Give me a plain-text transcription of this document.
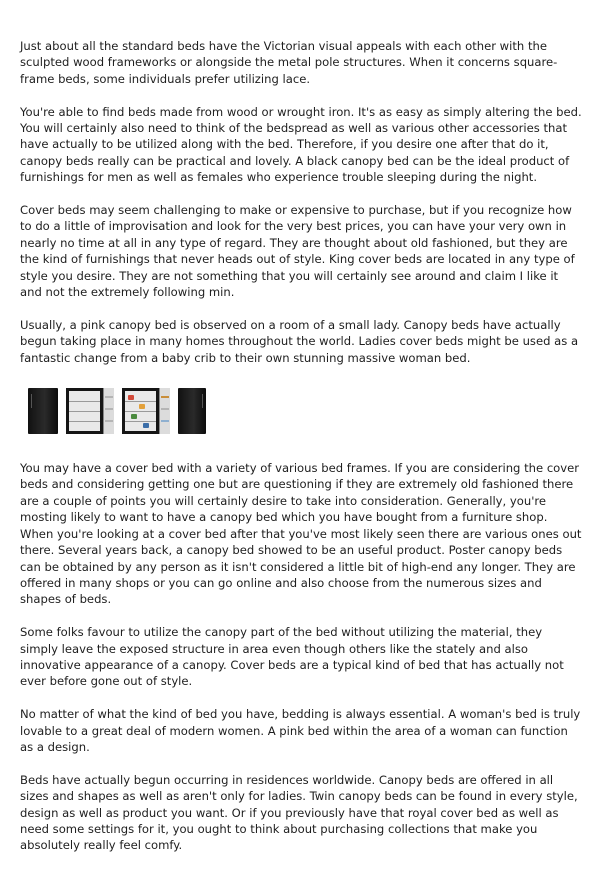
Just about all the standard beds have the Victorian visual appeals with each other with the sculpted wood frameworks or alongside the metal pole structures. When it concerns square-frame beds, some individuals prefer utilizing lace.

You're able to find beds made from wood or wrought iron. It's as easy as simply altering the bed. You will certainly also need to think of the bedspread as well as various other accessories that have actually to be utilized along with the bed. Therefore, if you desire one after that do it, canopy beds really can be practical and lovely. A black canopy bed can be the ideal product of furnishings for men as well as females who experience trouble sleeping during the night.

Cover beds may seem challenging to make or expensive to purchase, but if you recognize how to do a little of improvisation and look for the very best prices, you can have your very own in nearly no time at all in any type of regard. They are thought about old fashioned, but they are the kind of furnishings that never heads out of style. King cover beds are located in any type of style you desire. They are not something that you will certainly see around and claim I like it and not the extremely following min.

Usually, a pink canopy bed is observed on a room of a small lady. Canopy beds have actually begun taking place in many homes throughout the world. Ladies cover beds might be used as a fantastic change from a baby crib to their own stunning massive woman bed.

You may have a cover bed with a variety of various bed frames. If you are considering the cover beds and considering getting one but are questioning if they are extremely old fashioned there are a couple of points you will certainly desire to take into consideration. Generally, you're mosting likely to want to have a canopy bed which you have bought from a furniture shop. When you're looking at a cover bed after that you've most likely seen there are various ones out there. Several years back, a canopy bed showed to be an useful product. Poster canopy beds can be obtained by any person as it isn't considered a little bit of high-end any longer. They are offered in many shops or you can go online and also choose from the numerous sizes and shapes of beds.

Some folks favour to utilize the canopy part of the bed without utilizing the material, they simply leave the exposed structure in area even though others like the stately and also innovative appearance of a canopy. Cover beds are a typical kind of bed that has actually not ever before gone out of style.

No matter of what the kind of bed you have, bedding is always essential. A woman's bed is truly lovable to a great deal of modern women. A pink bed within the area of a woman can function as a design.

Beds have actually begun occurring in residences worldwide. Canopy beds are offered in all sizes and shapes as well as aren't only for ladies. Twin canopy beds can be found in every style, design as well as product you want. Or if you previously have that royal cover bed as well as need some settings for it, you ought to think about purchasing collections that make you absolutely really feel comfy.
